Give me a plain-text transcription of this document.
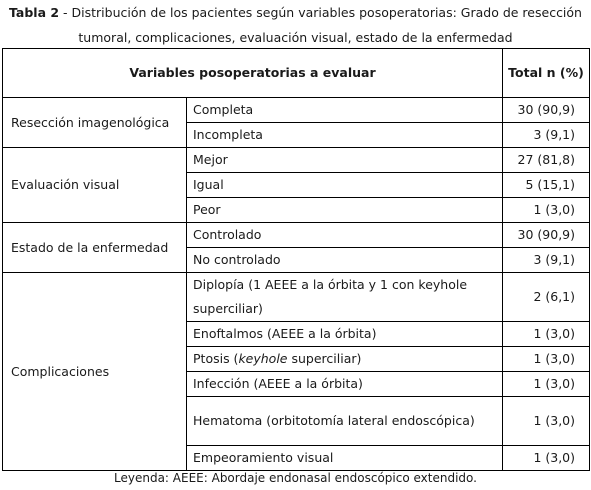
Tabla 2 - Distribución de los pacientes según variables posoperatorias: Grado de resección tumoral, complicaciones, evaluación visual, estado de la enfermedad
Variables posoperatorias a evaluar		Total n (%)
Resección imagenológica	Completa	30 (90,9)
	Incompleta	3 (9,1)
Evaluación visual	Mejor	27 (81,8)
	Igual	5 (15,1)
	Peor	1 (3,0)
Estado de la enfermedad	Controlado	30 (90,9)
	No controlado	3 (9,1)
Complicaciones	Diplopía (1 AEEE a la órbita y 1 con keyhole superciliar)	2 (6,1)
	Enoftalmos (AEEE a la órbita)	1 (3,0)
	Ptosis (keyhole superciliar)	1 (3,0)
	Infección (AEEE a la órbita)	1 (3,0)
	Hematoma (orbitotomía lateral endoscópica)	1 (3,0)
	Empeoramiento visual	1 (3,0)
Leyenda: AEEE: Abordaje endonasal endoscópico extendido.
